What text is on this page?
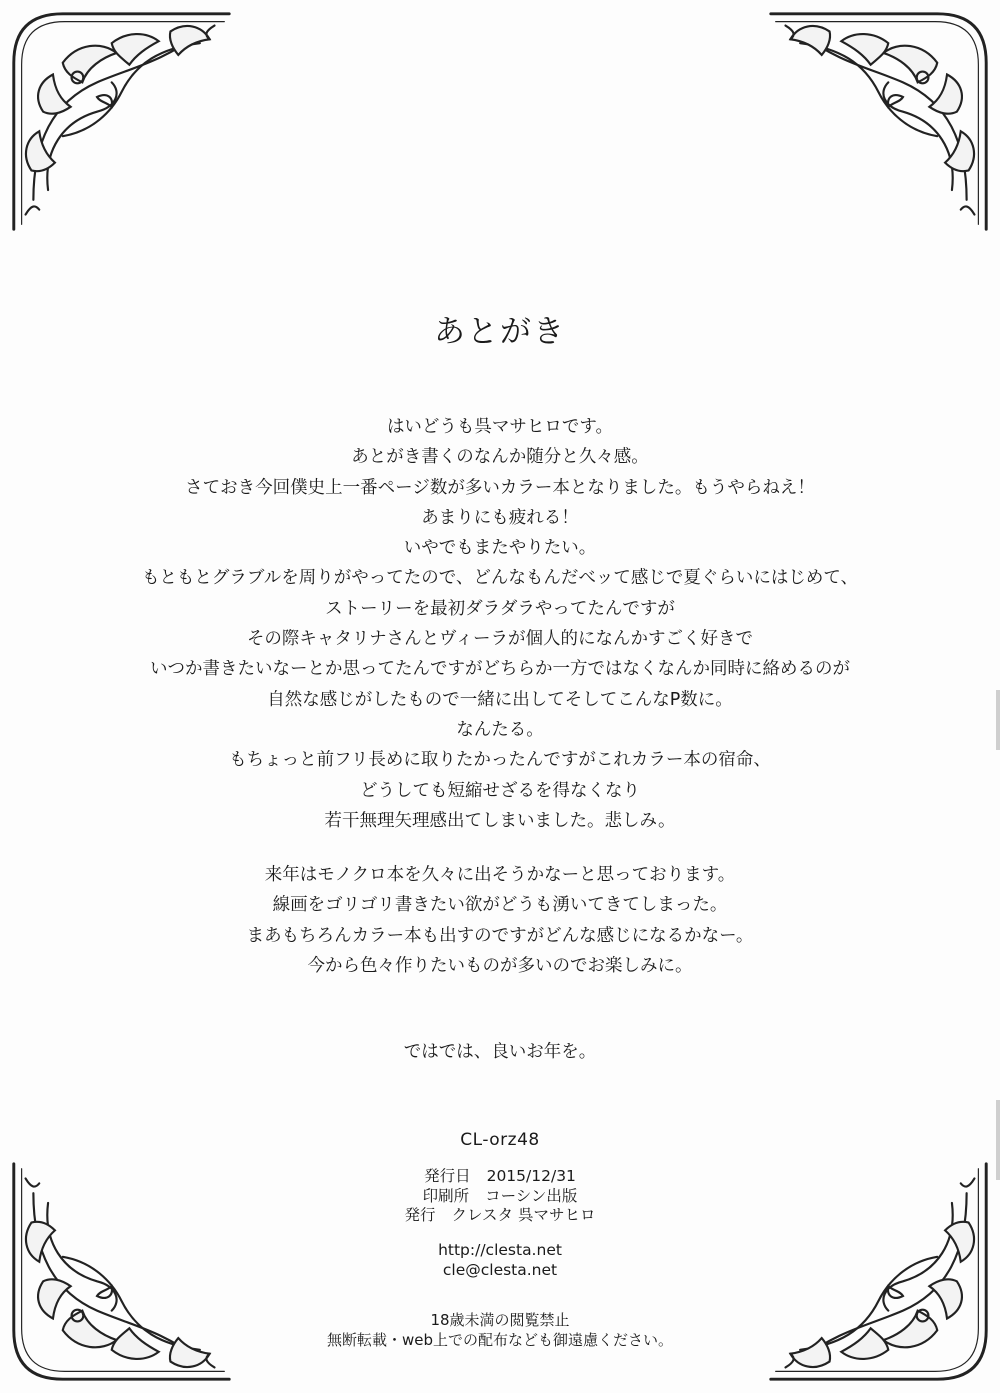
あとがき
はいどうも呉マサヒロです。
あとがき書くのなんか随分と久々感。
さておき今回僕史上一番ページ数が多いカラー本となりました。もうやらねえ！
あまりにも疲れる！
いやでもまたやりたい。
もともとグラブルを周りがやってたので、どんなもんだべッて感じで夏ぐらいにはじめて、
ストーリーを最初ダラダラやってたんですが
その際キャタリナさんとヴィーラが個人的になんかすごく好きで
いつか書きたいなーとか思ってたんですがどちらか一方ではなくなんか同時に絡めるのが
自然な感じがしたもので一緒に出してそしてこんなP数に。
なんたる。
もちょっと前フリ長めに取りたかったんですがこれカラー本の宿命、
どうしても短縮せざるを得なくなり
若干無理矢理感出てしまいました。悲しみ。
来年はモノクロ本を久々に出そうかなーと思っております。
線画をゴリゴリ書きたい欲がどうも湧いてきてしまった。
まあもちろんカラー本も出すのですがどんな感じになるかなー。
今から色々作りたいものが多いのでお楽しみに。
ではでは、良いお年を。
CL-orz48
発行日 2015/12/31
印刷所 コーシン出版
発行 クレスタ 呉マサヒロ
http://clesta.net
cle@clesta.net
18歳未満の閲覧禁止
無断転載・web上での配布なども御遠慮ください。
